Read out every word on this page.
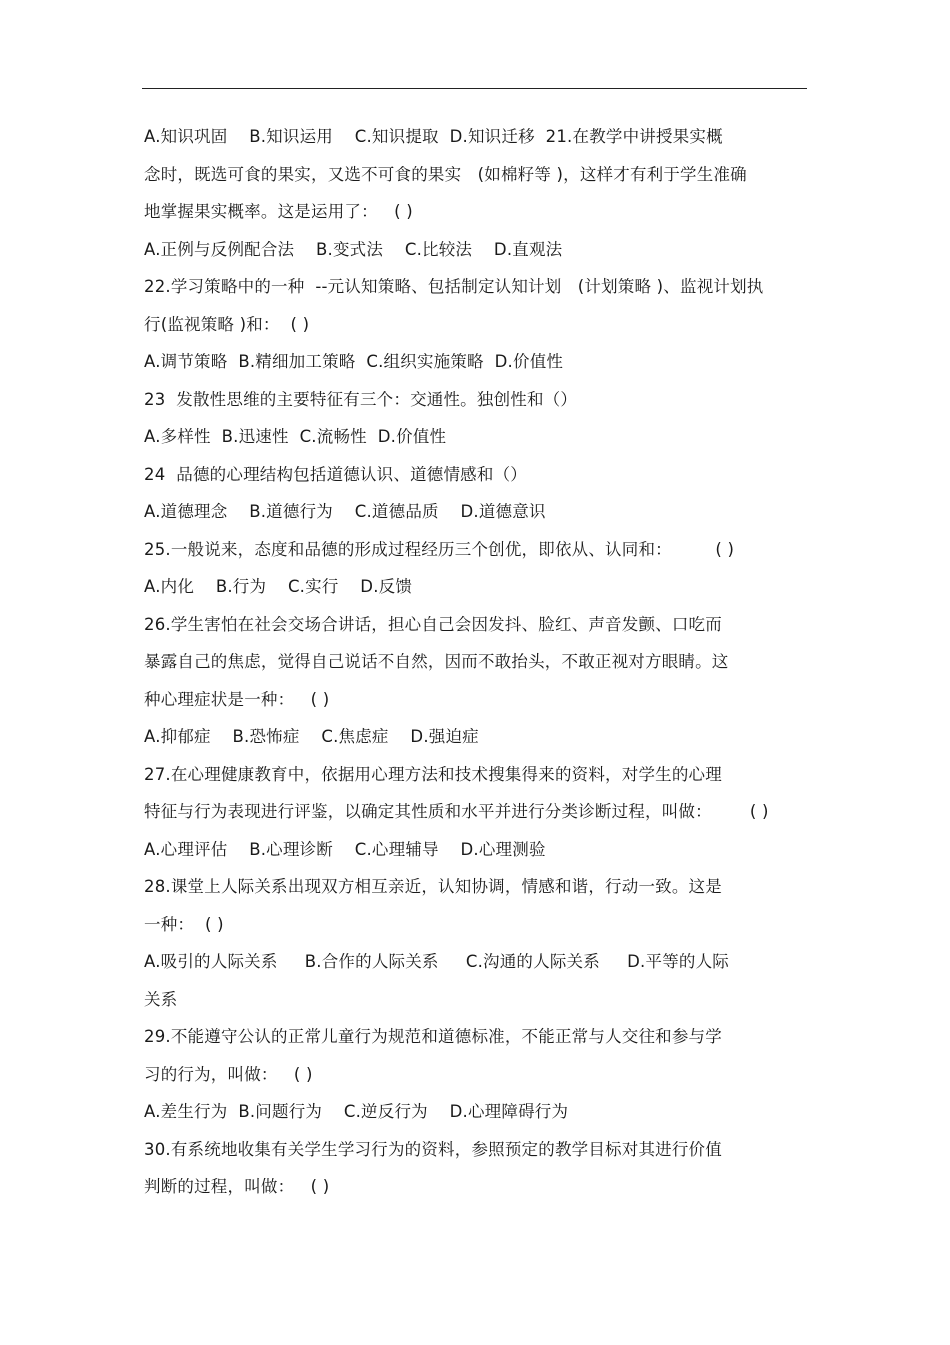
A.知识巩固    B.知识运用    C.知识提取  D.知识迁移  21.在教学中讲授果实概
念时，既选可食的果实，又选不可食的果实   (如棉籽等 )，这样才有利于学生准确
地掌握果实概率。这是运用了：   ( )
A.正例与反例配合法    B.变式法    C.比较法    D.直观法
22.学习策略中的一种  --元认知策略、包括制定认知计划   (计划策略 )、监视计划执
行(监视策略 )和：  ( )
A.调节策略  B.精细加工策略  C.组织实施策略  D.价值性
23  发散性思维的主要特征有三个：交通性。独创性和（）
A.多样性  B.迅速性  C.流畅性  D.价值性
24  品德的心理结构包括道德认识、道德情感和（）
A.道德理念    B.道德行为    C.道德品质    D.道德意识
25.一般说来，态度和品德的形成过程经历三个创优，即依从、认同和：        ( )
A.内化    B.行为    C.实行    D.反馈
26.学生害怕在社会交场合讲话，担心自己会因发抖、脸红、声音发颤、口吃而
暴露自己的焦虑，觉得自己说话不自然，因而不敢抬头，不敢正视对方眼睛。这
种心理症状是一种：   ( )
A.抑郁症    B.恐怖症    C.焦虑症    D.强迫症
27.在心理健康教育中，依据用心理方法和技术搜集得来的资料，对学生的心理
特征与行为表现进行评鉴，以确定其性质和水平并进行分类诊断过程，叫做：       ( )
A.心理评估    B.心理诊断    C.心理辅导    D.心理测验
28.课堂上人际关系出现双方相互亲近，认知协调，情感和谐，行动一致。这是
一种：  ( )
A.吸引的人际关系     B.合作的人际关系     C.沟通的人际关系     D.平等的人际
关系
29.不能遵守公认的正常儿童行为规范和道德标准，不能正常与人交往和参与学
习的行为，叫做：   ( )
A.差生行为  B.问题行为    C.逆反行为    D.心理障碍行为
30.有系统地收集有关学生学习行为的资料，参照预定的教学目标对其进行价值
判断的过程，叫做：   ( )
